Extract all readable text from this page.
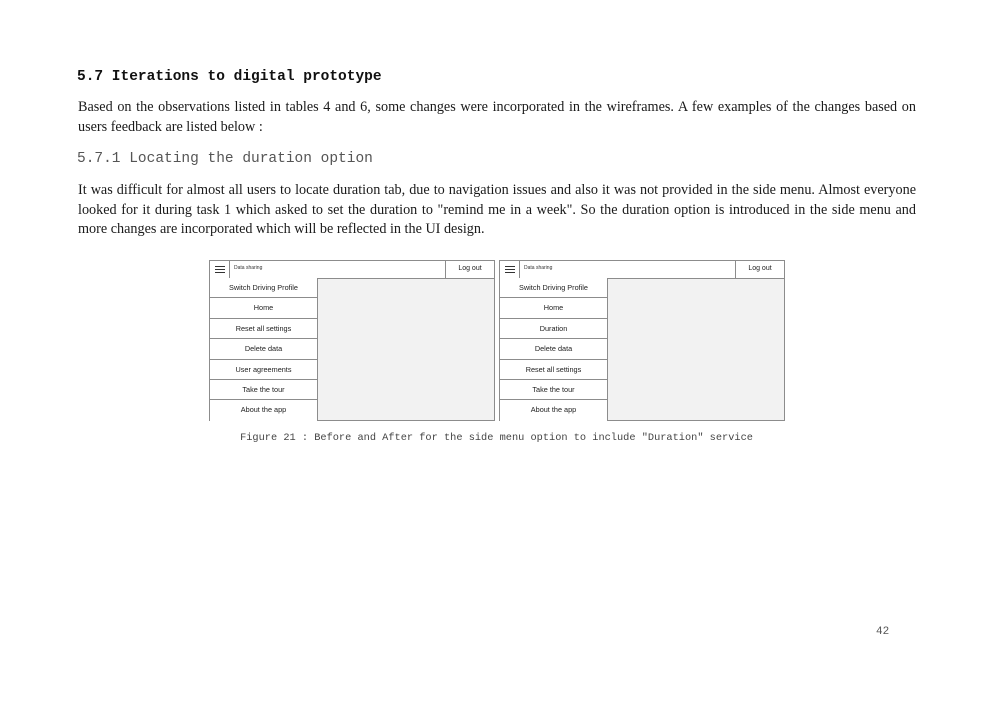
5.7 Iterations to digital prototype

Based on the observations listed in tables 4 and 6, some changes were incorporated in the wireframes. A few examples of the changes based on users feedback are listed below :

5.7.1 Locating the duration option

It was difficult for almost all users to locate duration tab, due to navigation issues and also it was not provided in the side menu. Almost everyone looked for it during task 1 which asked to set the duration to "remind me in a week". So the duration option is introduced in the side menu and more changes are incorporated which will be reflected in the UI design.

Data sharing	Log out
Switch Driving Profile
Home
Reset all settings
Delete data
User agreements
Take the tour
About the app
Data sharing	Log out
Switch Driving Profile
Home
Duration
Delete data
Reset all settings
Take the tour
About the app

Figure 21 : Before and After for the side menu option to include "Duration" service

42
